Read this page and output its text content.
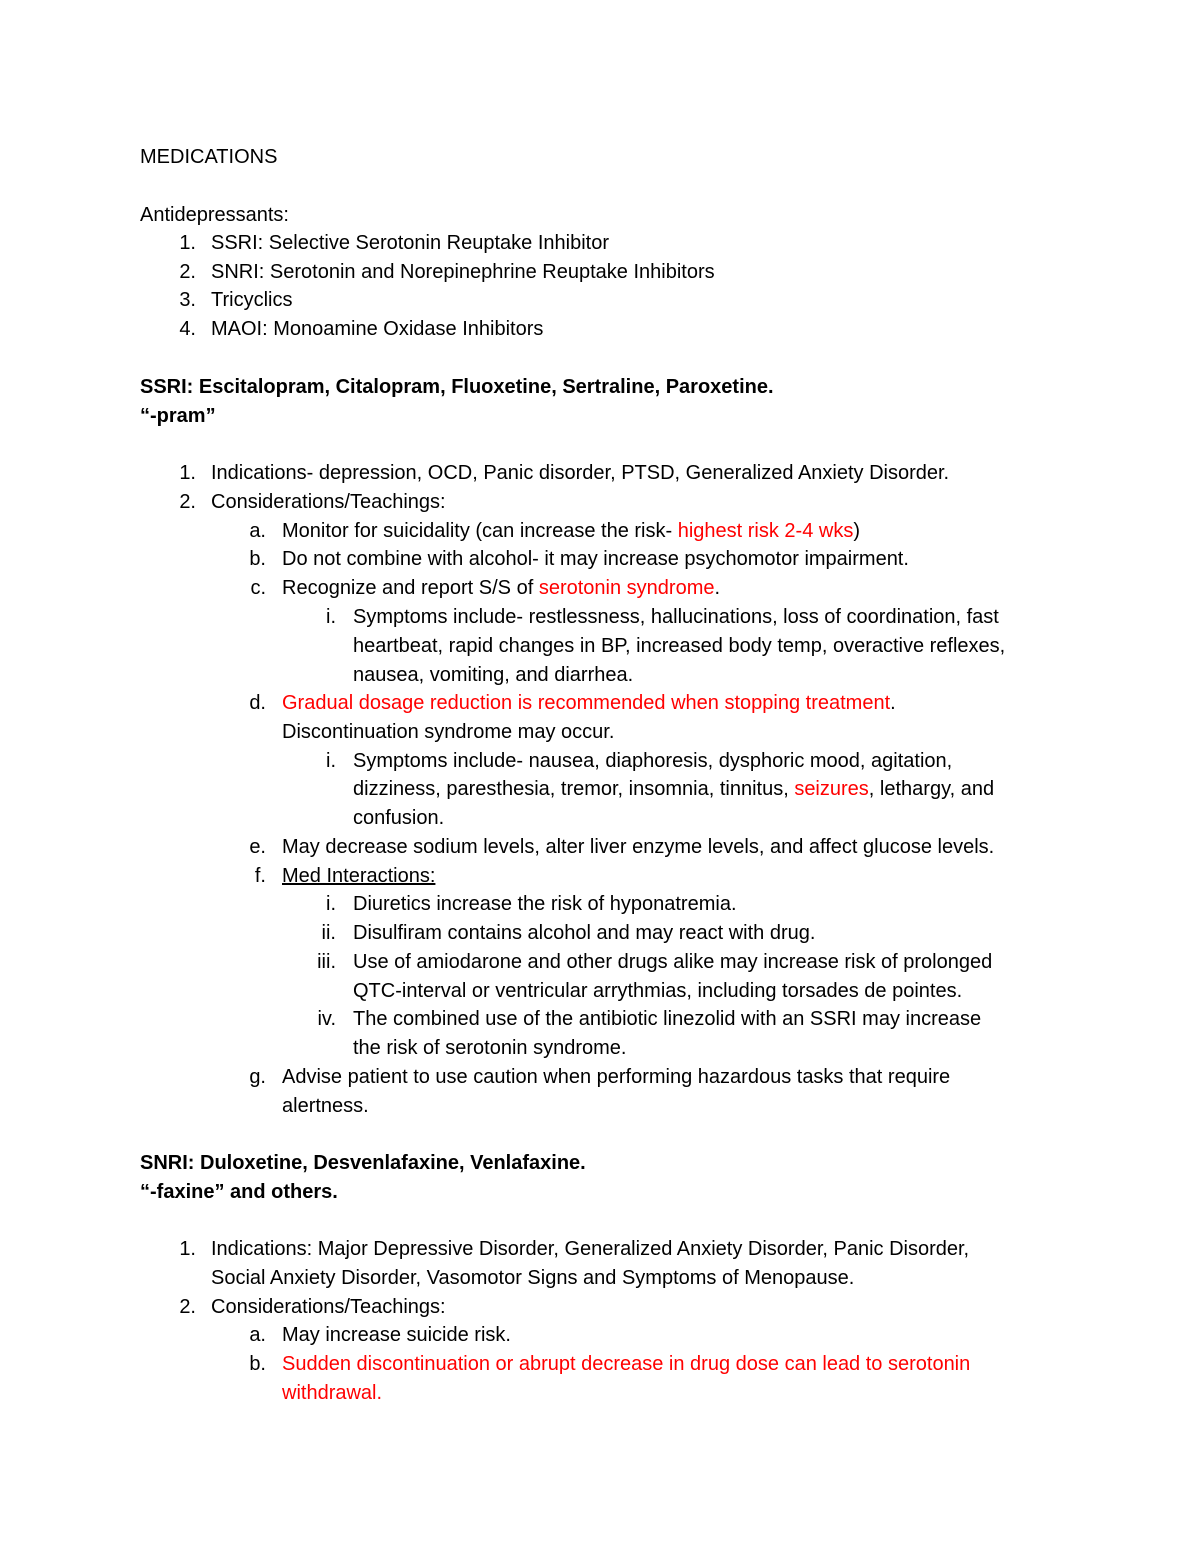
MEDICATIONS
Antidepressants:
1. SSRI: Selective Serotonin Reuptake Inhibitor
2. SNRI: Serotonin and Norepinephrine Reuptake Inhibitors
3. Tricyclics
4. MAOI: Monoamine Oxidase Inhibitors
SSRI: Escitalopram, Citalopram, Fluoxetine, Sertraline, Paroxetine.
“-pram”
1. Indications- depression, OCD, Panic disorder, PTSD, Generalized Anxiety Disorder.
2. Considerations/Teachings:
a. Monitor for suicidality (can increase the risk- highest risk 2-4 wks)
b. Do not combine with alcohol- it may increase psychomotor impairment.
c. Recognize and report S/S of serotonin syndrome.
i. Symptoms include- restlessness, hallucinations, loss of coordination, fast
heartbeat, rapid changes in BP, increased body temp, overactive reflexes,
nausea, vomiting, and diarrhea.
d. Gradual dosage reduction is recommended when stopping treatment.
Discontinuation syndrome may occur.
i. Symptoms include- nausea, diaphoresis, dysphoric mood, agitation,
dizziness, paresthesia, tremor, insomnia, tinnitus, seizures, lethargy, and
confusion.
e. May decrease sodium levels, alter liver enzyme levels, and affect glucose levels.
f. Med Interactions:
i. Diuretics increase the risk of hyponatremia.
ii. Disulfiram contains alcohol and may react with drug.
iii. Use of amiodarone and other drugs alike may increase risk of prolonged
QTC-interval or ventricular arrythmias, including torsades de pointes.
iv. The combined use of the antibiotic linezolid with an SSRI may increase
the risk of serotonin syndrome.
g. Advise patient to use caution when performing hazardous tasks that require
alertness.
SNRI: Duloxetine, Desvenlafaxine, Venlafaxine.
“-faxine” and others.
1. Indications: Major Depressive Disorder, Generalized Anxiety Disorder, Panic Disorder,
Social Anxiety Disorder, Vasomotor Signs and Symptoms of Menopause.
2. Considerations/Teachings:
a. May increase suicide risk.
b. Sudden discontinuation or abrupt decrease in drug dose can lead to serotonin
withdrawal.
